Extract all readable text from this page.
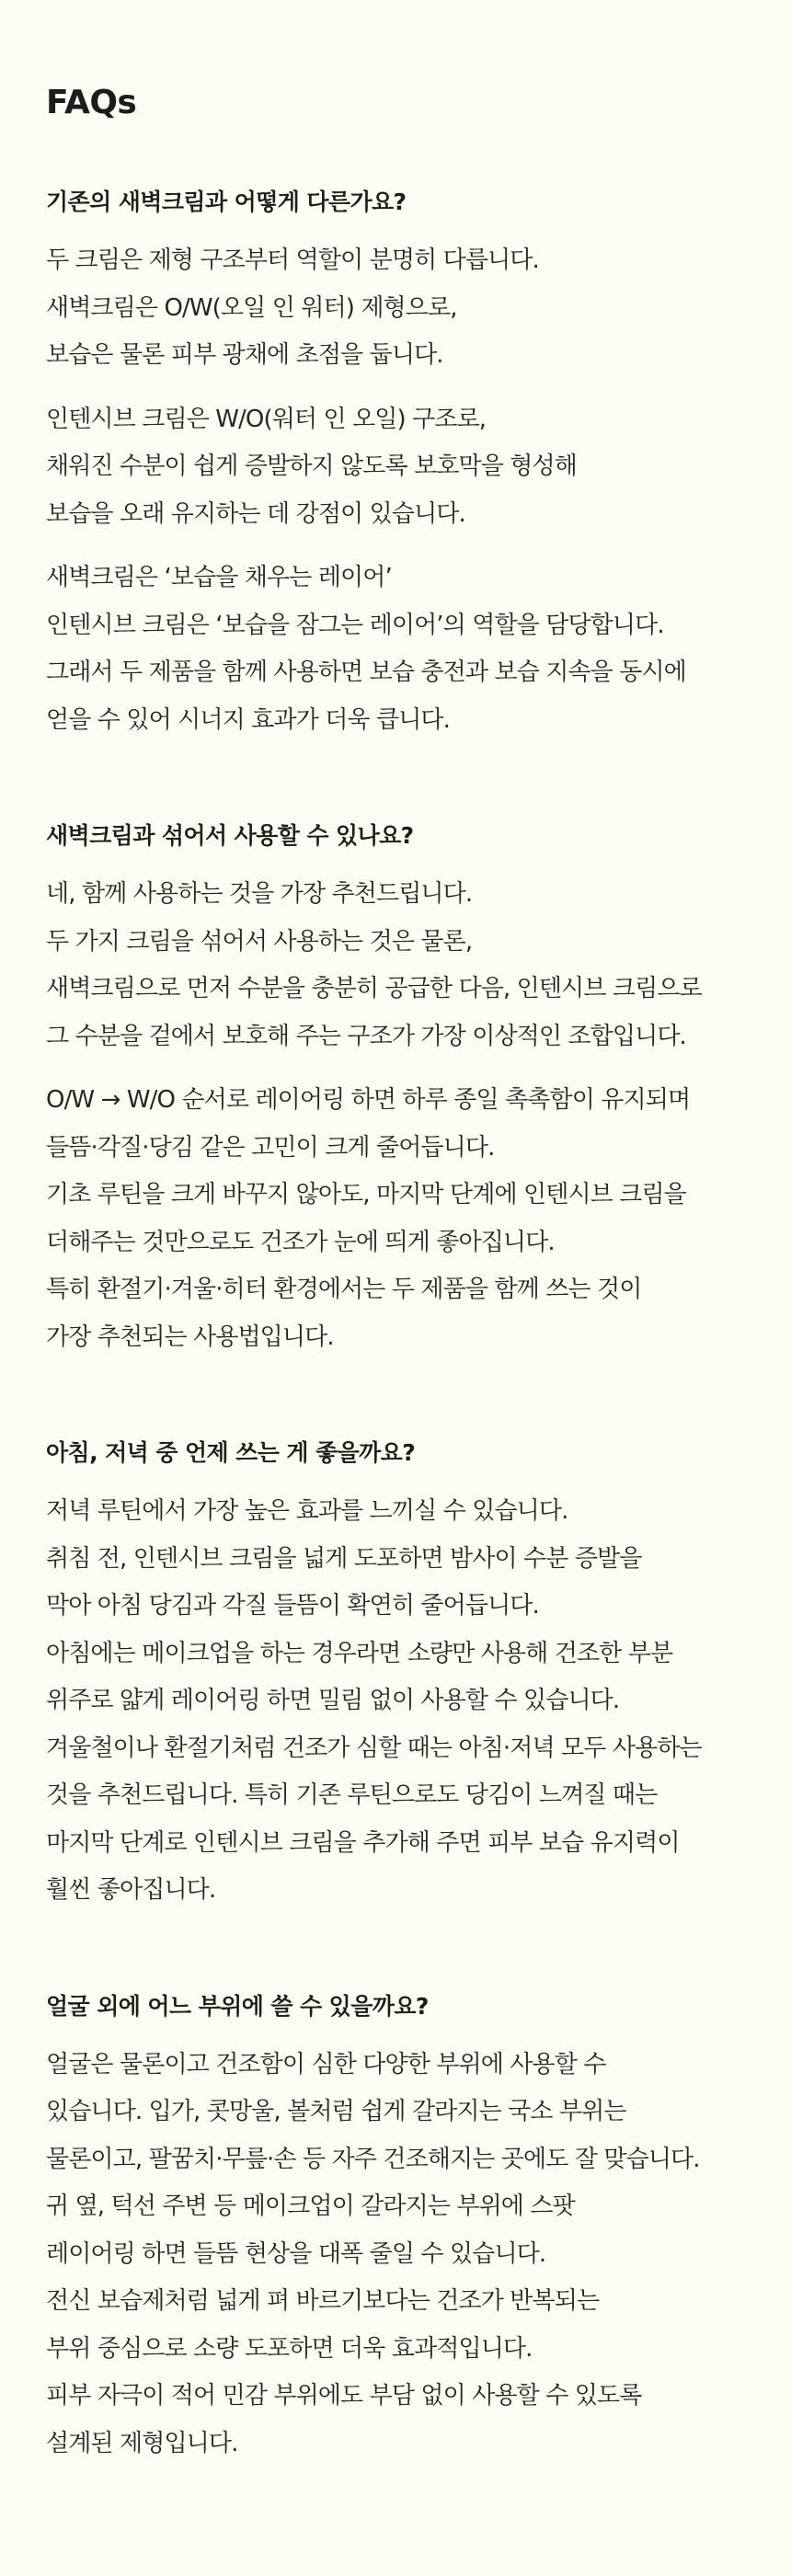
FAQs
기존의 새벽크림과 어떻게 다른가요?
두 크림은 제형 구조부터 역할이 분명히 다릅니다.
새벽크림은 O/W(오일 인 워터) 제형으로,
보습은 물론 피부 광채에 초점을 둡니다.
인텐시브 크림은 W/O(워터 인 오일) 구조로,
채워진 수분이 쉽게 증발하지 않도록 보호막을 형성해
보습을 오래 유지하는 데 강점이 있습니다.
새벽크림은 ‘보습을 채우는 레이어’
인텐시브 크림은 ‘보습을 잠그는 레이어’의 역할을 담당합니다.
그래서 두 제품을 함께 사용하면 보습 충전과 보습 지속을 동시에
얻을 수 있어 시너지 효과가 더욱 큽니다.
새벽크림과 섞어서 사용할 수 있나요?
네, 함께 사용하는 것을 가장 추천드립니다.
두 가지 크림을 섞어서 사용하는 것은 물론,
새벽크림으로 먼저 수분을 충분히 공급한 다음, 인텐시브 크림으로
그 수분을 겉에서 보호해 주는 구조가 가장 이상적인 조합입니다.
O/W → W/O 순서로 레이어링 하면 하루 종일 촉촉함이 유지되며
들뜸·각질·당김 같은 고민이 크게 줄어듭니다.
기초 루틴을 크게 바꾸지 않아도, 마지막 단계에 인텐시브 크림을
더해주는 것만으로도 건조가 눈에 띄게 좋아집니다.
특히 환절기·겨울·히터 환경에서는 두 제품을 함께 쓰는 것이
가장 추천되는 사용법입니다.
아침, 저녁 중 언제 쓰는 게 좋을까요?
저녁 루틴에서 가장 높은 효과를 느끼실 수 있습니다.
취침 전, 인텐시브 크림을 넓게 도포하면 밤사이 수분 증발을
막아 아침 당김과 각질 들뜸이 확연히 줄어듭니다.
아침에는 메이크업을 하는 경우라면 소량만 사용해 건조한 부분
위주로 얇게 레이어링 하면 밀림 없이 사용할 수 있습니다.
겨울철이나 환절기처럼 건조가 심할 때는 아침·저녁 모두 사용하는
것을 추천드립니다. 특히 기존 루틴으로도 당김이 느껴질 때는
마지막 단계로 인텐시브 크림을 추가해 주면 피부 보습 유지력이
훨씬 좋아집니다.
얼굴 외에 어느 부위에 쓸 수 있을까요?
얼굴은 물론이고 건조함이 심한 다양한 부위에 사용할 수
있습니다. 입가, 콧망울, 볼처럼 쉽게 갈라지는 국소 부위는
물론이고, 팔꿈치·무릎·손 등 자주 건조해지는 곳에도 잘 맞습니다.
귀 옆, 턱선 주변 등 메이크업이 갈라지는 부위에 스팟
레이어링 하면 들뜸 현상을 대폭 줄일 수 있습니다.
전신 보습제처럼 넓게 펴 바르기보다는 건조가 반복되는
부위 중심으로 소량 도포하면 더욱 효과적입니다.
피부 자극이 적어 민감 부위에도 부담 없이 사용할 수 있도록
설계된 제형입니다.
